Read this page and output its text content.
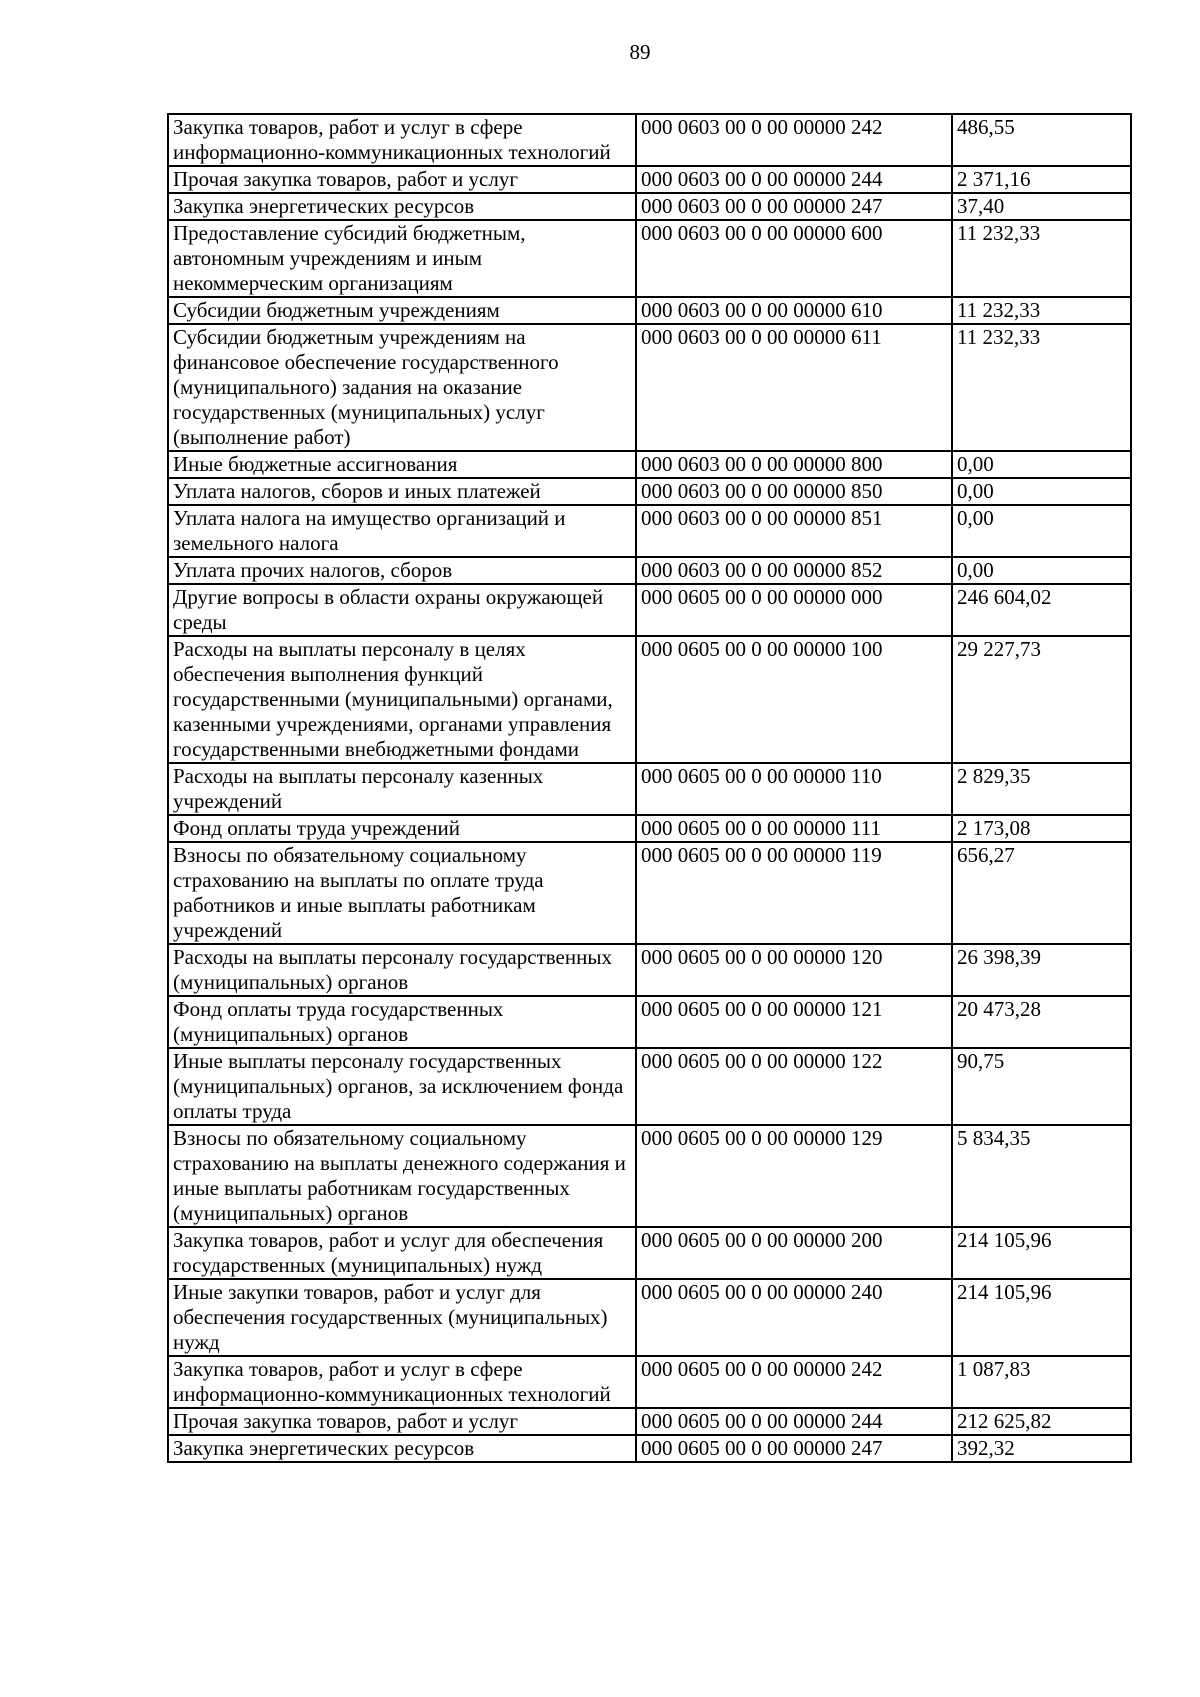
89
Закупка товаров, работ и услуг в сфере информационно-коммуникационных технологий	000 0603 00 0 00 00000 242	486,55
Прочая закупка товаров, работ и услуг	000 0603 00 0 00 00000 244	2 371,16
Закупка энергетических ресурсов	000 0603 00 0 00 00000 247	37,40
Предоставление субсидий бюджетным, автономным учреждениям и иным некоммерческим организациям	000 0603 00 0 00 00000 600	11 232,33
Субсидии бюджетным учреждениям	000 0603 00 0 00 00000 610	11 232,33
Субсидии бюджетным учреждениям на финансовое обеспечение государственного (муниципального) задания на оказание государственных (муниципальных) услуг (выполнение работ)	000 0603 00 0 00 00000 611	11 232,33
Иные бюджетные ассигнования	000 0603 00 0 00 00000 800	0,00
Уплата налогов, сборов и иных платежей	000 0603 00 0 00 00000 850	0,00
Уплата налога на имущество организаций и земельного налога	000 0603 00 0 00 00000 851	0,00
Уплата прочих налогов, сборов	000 0603 00 0 00 00000 852	0,00
Другие вопросы в области охраны окружающей среды	000 0605 00 0 00 00000 000	246 604,02
Расходы на выплаты персоналу в целях обеспечения выполнения функций государственными (муниципальными) органами, казенными учреждениями, органами управления государственными внебюджетными фондами	000 0605 00 0 00 00000 100	29 227,73
Расходы на выплаты персоналу казенных учреждений	000 0605 00 0 00 00000 110	2 829,35
Фонд оплаты труда учреждений	000 0605 00 0 00 00000 111	2 173,08
Взносы по обязательному социальному страхованию на выплаты по оплате труда работников и иные выплаты работникам учреждений	000 0605 00 0 00 00000 119	656,27
Расходы на выплаты персоналу государственных (муниципальных) органов	000 0605 00 0 00 00000 120	26 398,39
Фонд оплаты труда государственных (муниципальных) органов	000 0605 00 0 00 00000 121	20 473,28
Иные выплаты персоналу государственных (муниципальных) органов, за исключением фонда оплаты труда	000 0605 00 0 00 00000 122	90,75
Взносы по обязательному социальному страхованию на выплаты денежного содержания и иные выплаты работникам государственных (муниципальных) органов	000 0605 00 0 00 00000 129	5 834,35
Закупка товаров, работ и услуг для обеспечения государственных (муниципальных) нужд	000 0605 00 0 00 00000 200	214 105,96
Иные закупки товаров, работ и услуг для обеспечения государственных (муниципальных) нужд	000 0605 00 0 00 00000 240	214 105,96
Закупка товаров, работ и услуг в сфере информационно-коммуникационных технологий	000 0605 00 0 00 00000 242	1 087,83
Прочая закупка товаров, работ и услуг	000 0605 00 0 00 00000 244	212 625,82
Закупка энергетических ресурсов	000 0605 00 0 00 00000 247	392,32
